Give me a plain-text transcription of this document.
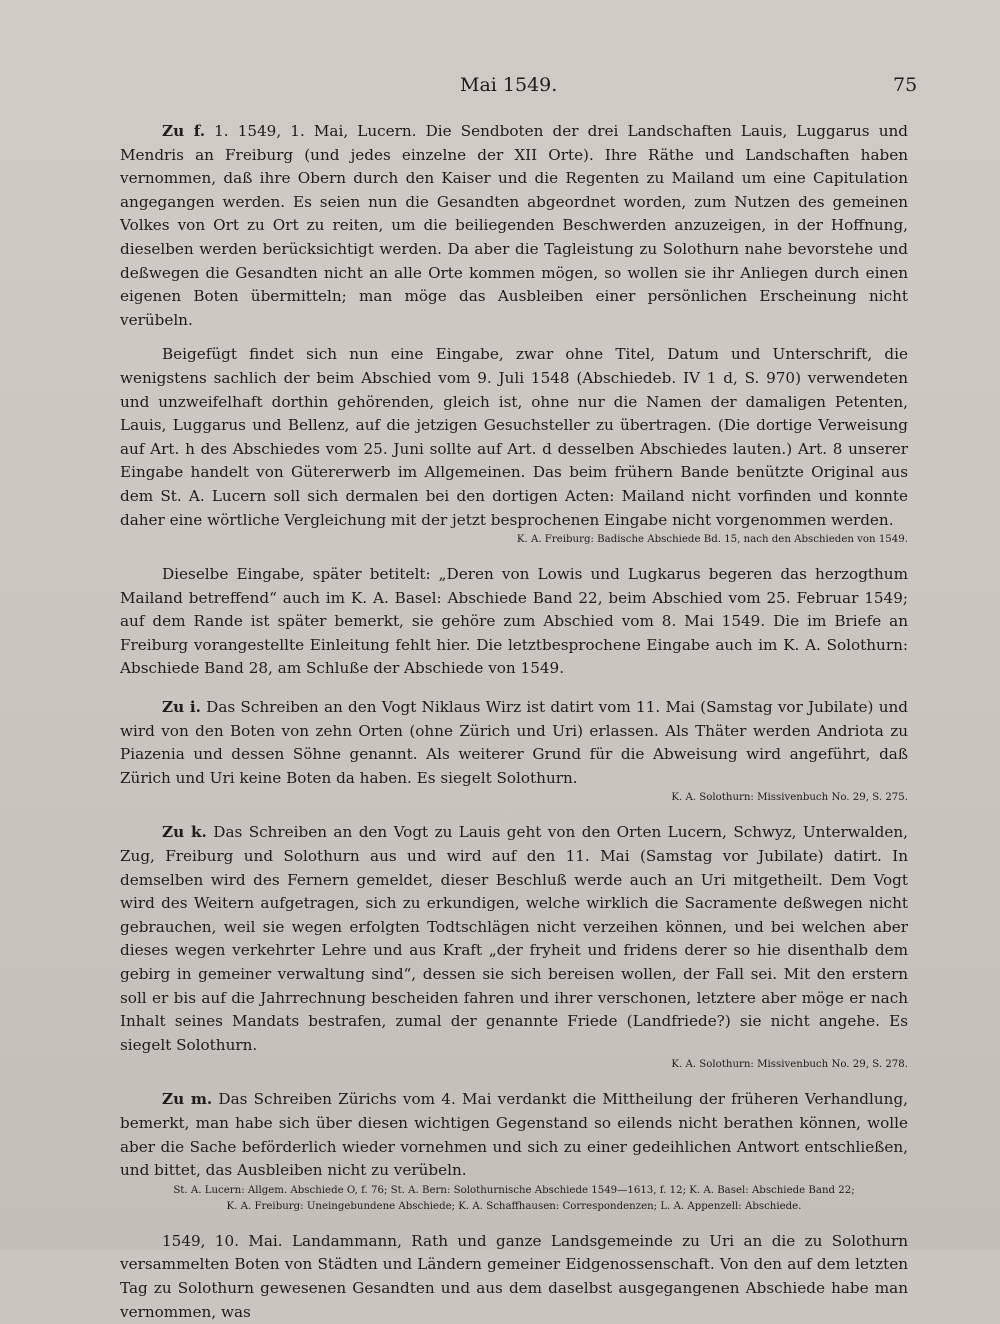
Mai 1549.	75

Zu f. 1. 1549, 1. Mai, Lucern. Die Sendboten der drei Landschaften Lauis, Luggarus und Mendris an Freiburg (und jedes einzelne der XII Orte). Ihre Räthe und Landschaften haben vernommen, daß ihre Obern durch den Kaiser und die Regenten zu Mailand um eine Capitulation angegangen werden. Es seien nun die Gesandten abgeordnet worden, zum Nutzen des gemeinen Volkes von Ort zu Ort zu reiten, um die beiliegenden Beschwerden anzuzeigen, in der Hoffnung, dieselben werden berücksichtigt werden. Da aber die Tagleistung zu Solothurn nahe bevorstehe und deßwegen die Gesandten nicht an alle Orte kommen mögen, so wollen sie ihr Anliegen durch einen eigenen Boten übermitteln; man möge das Ausbleiben einer persönlichen Erscheinung nicht verübeln.

Beigefügt findet sich nun eine Eingabe, zwar ohne Titel, Datum und Unterschrift, die wenigstens sachlich der beim Abschied vom 9. Juli 1548 (Abschiedeb. IV 1 d, S. 970) verwendeten und unzweifelhaft dorthin gehörenden, gleich ist, ohne nur die Namen der damaligen Petenten, Lauis, Luggarus und Bellenz, auf die jetzigen Gesuchsteller zu übertragen. (Die dortige Verweisung auf Art. h des Abschiedes vom 25. Juni sollte auf Art. d desselben Abschiedes lauten.) Art. 8 unserer Eingabe handelt von Gütererwerb im Allgemeinen. Das beim frühern Bande benützte Original aus dem St. A. Lucern soll sich dermalen bei den dortigen Acten: Mailand nicht vorfinden und konnte daher eine wörtliche Vergleichung mit der jetzt besprochenen Eingabe nicht vorgenommen werden.

K. A. Freiburg: Badische Abschiede Bd. 15, nach den Abschieden von 1549.

Dieselbe Eingabe, später betitelt: „Deren von Lowis und Lugkarus begeren das herzogthum Mailand betreffend“ auch im K. A. Basel: Abschiede Band 22, beim Abschied vom 25. Februar 1549; auf dem Rande ist später bemerkt, sie gehöre zum Abschied vom 8. Mai 1549. Die im Briefe an Freiburg vorangestellte Einleitung fehlt hier. Die letztbesprochene Eingabe auch im K. A. Solothurn: Abschiede Band 28, am Schluße der Abschiede von 1549.

Zu i. Das Schreiben an den Vogt Niklaus Wirz ist datirt vom 11. Mai (Samstag vor Jubilate) und wird von den Boten von zehn Orten (ohne Zürich und Uri) erlassen. Als Thäter werden Andriota zu Piazenia und dessen Söhne genannt. Als weiterer Grund für die Abweisung wird angeführt, daß Zürich und Uri keine Boten da haben. Es siegelt Solothurn.

K. A. Solothurn: Missivenbuch No. 29, S. 275.

Zu k. Das Schreiben an den Vogt zu Lauis geht von den Orten Lucern, Schwyz, Unterwalden, Zug, Freiburg und Solothurn aus und wird auf den 11. Mai (Samstag vor Jubilate) datirt. In demselben wird des Fernern gemeldet, dieser Beschluß werde auch an Uri mitgetheilt. Dem Vogt wird des Weitern aufgetragen, sich zu erkundigen, welche wirklich die Sacramente deßwegen nicht gebrauchen, weil sie wegen erfolgten Todtschlägen nicht verzeihen können, und bei welchen aber dieses wegen verkehrter Lehre und aus Kraft „der fryheit und fridens derer so hie disenthalb dem gebirg in gemeiner verwaltung sind“, dessen sie sich bereisen wollen, der Fall sei. Mit den erstern soll er bis auf die Jahrrechnung bescheiden fahren und ihrer verschonen, letztere aber möge er nach Inhalt seines Mandats bestrafen, zumal der genannte Friede (Landfriede?) sie nicht angehe. Es siegelt Solothurn.

K. A. Solothurn: Missivenbuch No. 29, S. 278.

Zu m. Das Schreiben Zürichs vom 4. Mai verdankt die Mittheilung der früheren Verhandlung, bemerkt, man habe sich über diesen wichtigen Gegenstand so eilends nicht berathen können, wolle aber die Sache beförderlich wieder vornehmen und sich zu einer gedeihlichen Antwort entschließen, und bittet, das Ausbleiben nicht zu verübeln.

St. A. Lucern: Allgem. Abschiede O, f. 76; St. A. Bern: Solothurnische Abschiede 1549—1613, f. 12; K. A. Basel: Abschiede Band 22;

K. A. Freiburg: Uneingebundene Abschiede; K. A. Schaffhausen: Correspondenzen; L. A. Appenzell: Abschiede.

1549, 10. Mai. Landammann, Rath und ganze Landsgemeinde zu Uri an die zu Solothurn versammelten Boten von Städten und Ländern gemeiner Eidgenossenschaft. Von den auf dem letzten Tag zu Solothurn gewesenen Gesandten und aus dem daselbst ausgegangenen Abschiede habe man vernommen, was
